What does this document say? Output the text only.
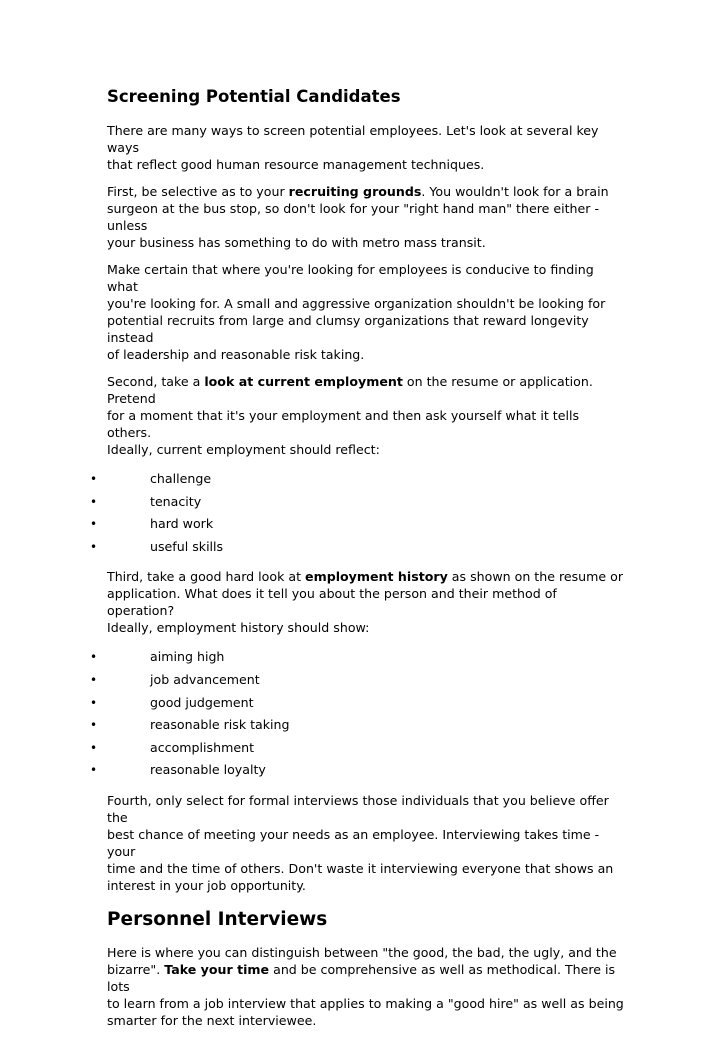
Screening Potential Candidates

There are many ways to screen potential employees. Let's look at several key ways
that reflect good human resource management techniques.

First, be selective as to your recruiting grounds. You wouldn't look for a brain
surgeon at the bus stop, so don't look for your "right hand man" there either - unless
your business has something to do with metro mass transit.

Make certain that where you're looking for employees is conducive to finding what
you're looking for. A small and aggressive organization shouldn't be looking for
potential recruits from large and clumsy organizations that reward longevity instead
of leadership and reasonable risk taking.

Second, take a look at current employment on the resume or application. Pretend
for a moment that it's your employment and then ask yourself what it tells others.
Ideally, current employment should reflect:

•	challenge
•	tenacity
•	hard work
•	useful skills

Third, take a good hard look at employment history as shown on the resume or
application. What does it tell you about the person and their method of operation?
Ideally, employment history should show:

•	aiming high
•	job advancement
•	good judgement
•	reasonable risk taking
•	accomplishment
•	reasonable loyalty

Fourth, only select for formal interviews those individuals that you believe offer the
best chance of meeting your needs as an employee. Interviewing takes time - your
time and the time of others. Don't waste it interviewing everyone that shows an
interest in your job opportunity.

Personnel Interviews

Here is where you can distinguish between "the good, the bad, the ugly, and the
bizarre". Take your time and be comprehensive as well as methodical. There is lots
to learn from a job interview that applies to making a "good hire" as well as being
smarter for the next interviewee.
